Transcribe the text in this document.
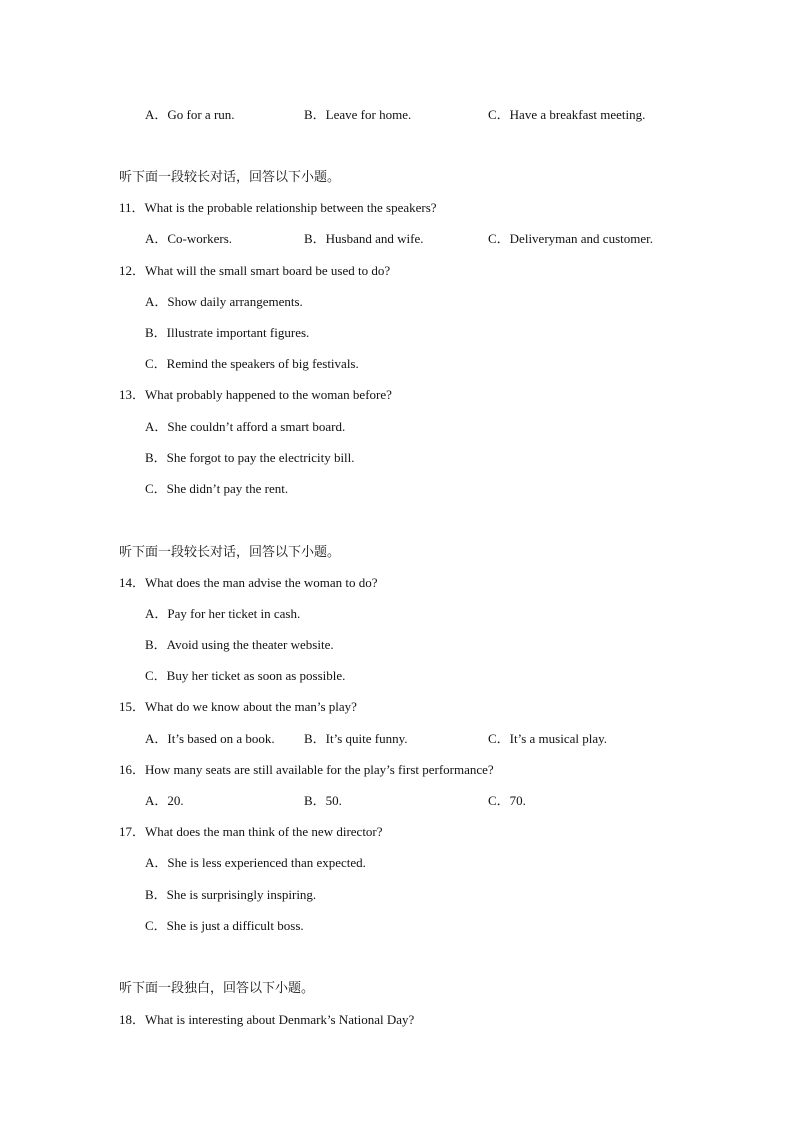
A．Go for a run.	B．Leave for home.	C．Have a breakfast meeting.
听下面一段较长对话，回答以下小题。
11．What is the probable relationship between the speakers?
A．Co-workers.	B．Husband and wife.	C．Deliveryman and customer.
12．What will the small smart board be used to do?
A．Show daily arrangements.
B．Illustrate important figures.
C．Remind the speakers of big festivals.
13．What probably happened to the woman before?
A．She couldn’t afford a smart board.
B．She forgot to pay the electricity bill.
C．She didn’t pay the rent.
听下面一段较长对话，回答以下小题。
14．What does the man advise the woman to do?
A．Pay for her ticket in cash.
B．Avoid using the theater website.
C．Buy her ticket as soon as possible.
15．What do we know about the man’s play?
A．It’s based on a book. B．It’s quite funny.	C．It’s a musical play.
16．How many seats are still available for the play’s first performance?
A．20.	B．50.	C．70.
17．What does the man think of the new director?
A．She is less experienced than expected.
B．She is surprisingly inspiring.
C．She is just a difficult boss.
听下面一段独白，回答以下小题。
18．What is interesting about Denmark’s National Day?
